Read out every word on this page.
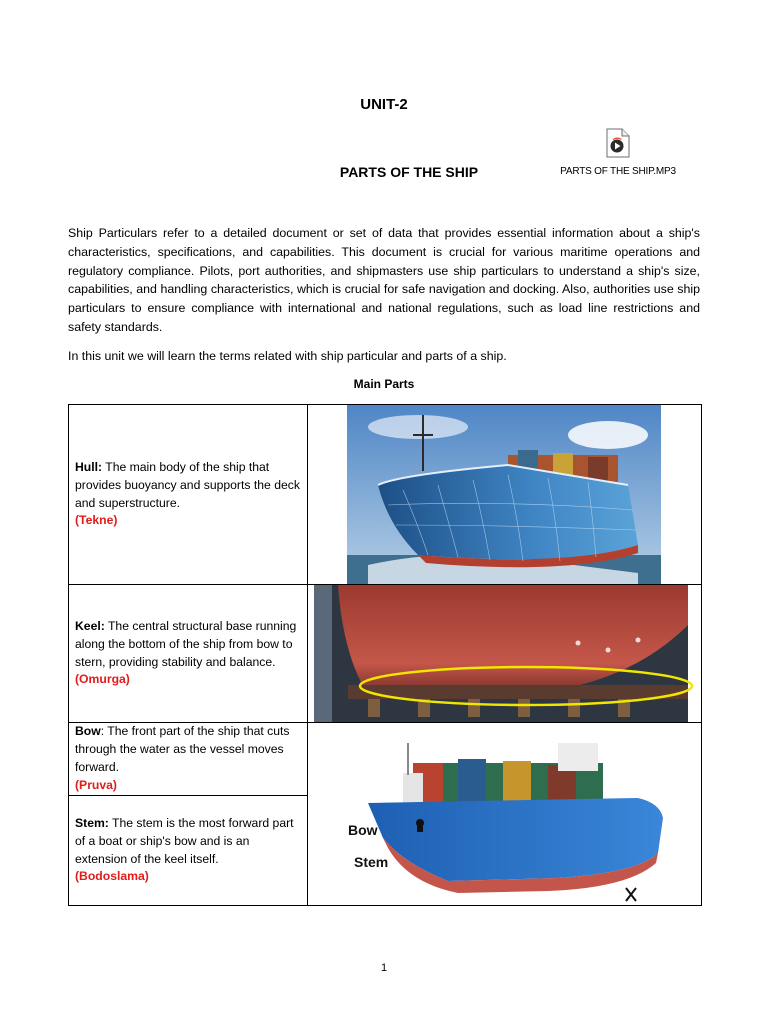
UNIT-2
PARTS OF THE SHIP.MP3
PARTS OF THE SHIP

Ship Particulars refer to a detailed document or set of data that provides essential information about a ship's characteristics, specifications, and capabilities. This document is crucial for various maritime operations and regulatory compliance. Pilots, port authorities, and shipmasters use ship particulars to understand a ship's size, capabilities, and handling characteristics, which is crucial for safe navigation and docking. Also, authorities use ship particulars to ensure compliance with international and national regulations, such as load line restrictions and safety standards.

In this unit we will learn the terms related with ship particular and parts of a ship.

Main Parts
Hull: The main body of the ship that provides buoyancy and supports the deck and superstructure.
(Tekne)	

Keel: The central structural base running along the bottom of the ship from bow to stern, providing stability and balance.
(Omurga)	

Bow: The front part of the ship that cuts through the water as the vessel moves forward.
(Pruva)	Bow
Stem

Stem: The stem is the most forward part of a boat or ship's bow and is an extension of the keel itself.
(Bodoslama)	
1
